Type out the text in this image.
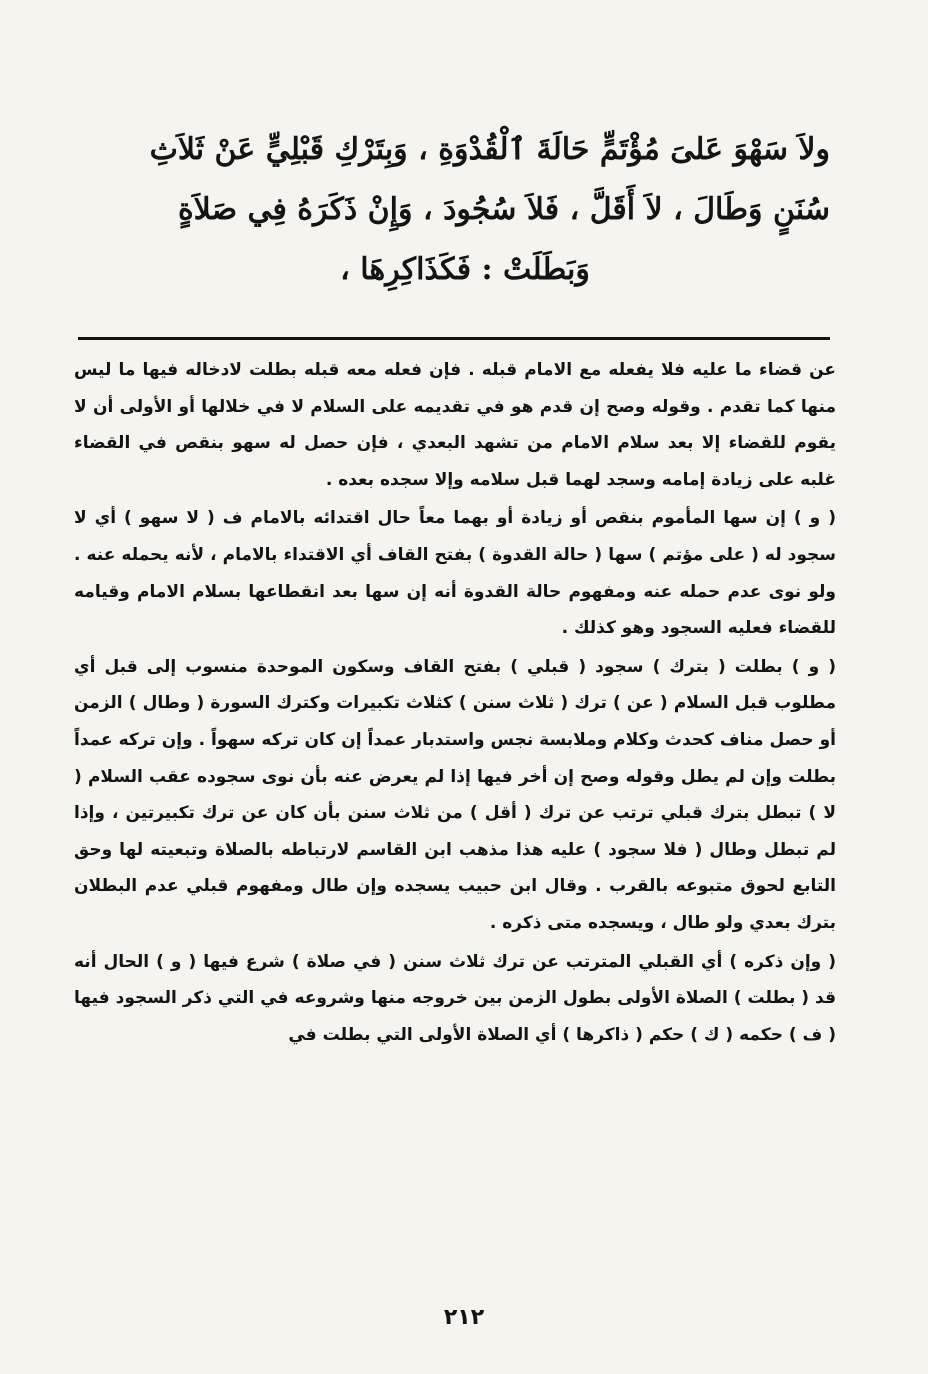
ولاَ سَهْوَ عَلىَ مُؤْتَمٍّ حَالَةَ ٱلْقُدْوَةِ ، وَبِتَرْكِ قَبْلِيٍّ عَنْ ثَلاَثِ
سُنَنٍ وَطَالَ ، لاَ أَقَلَّ ، فَلاَ سُجُودَ ، وَإِنْ ذَكَرَهُ فِي صَلاَةٍ
وَبَطَلَتْ : فَكَذَاكِرِهَا ،

عن قضاء ما عليه فلا يفعله مع الامام قبله . فإن فعله معه قبله بطلت لادخاله فيها ما ليس منها كما تقدم . وقوله وصح إن قدم هو في تقديمه على السلام لا في خلالها أو الأولى أن لا يقوم للقضاء إلا بعد سلام الامام من تشهد البعدي ، فإن حصل له سهو بنقص في القضاء غلبه على زيادة إمامه وسجد لهما قبل سلامه وإلا سجده بعده .

( و ) إن سها المأموم بنقص أو زيادة أو بهما معاً حال اقتدائه بالامام ف ( لا سهو ) أي لا سجود له ( على مؤتم ) سها ( حالة القدوة ) بفتح القاف أي الاقتداء بالامام ، لأنه يحمله عنه . ولو نوى عدم حمله عنه ومفهوم حالة القدوة أنه إن سها بعد انقطاعها بسلام الامام وقيامه للقضاء فعليه السجود وهو كذلك .

( و ) بطلت ( بترك ) سجود ( قبلي ) بفتح القاف وسكون الموحدة منسوب إلى قبل أي مطلوب قبل السلام ( عن ) ترك ( ثلاث سنن ) كثلاث تكبيرات وكترك السورة ( وطال ) الزمن أو حصل مناف كحدث وكلام وملابسة نجس واستدبار عمداً إن كان تركه سهواً . وإن تركه عمداً بطلت وإن لم يطل وقوله وصح إن أخر فيها إذا لم يعرض عنه بأن نوى سجوده عقب السلام ( لا ) تبطل بترك قبلي ترتب عن ترك ( أقل ) من ثلاث سنن بأن كان عن ترك تكبيرتين ، وإذا لم تبطل وطال ( فلا سجود ) عليه هذا مذهب ابن القاسم لارتباطه بالصلاة وتبعيته لها وحق التابع لحوق متبوعه بالقرب . وقال ابن حبيب يسجده وإن طال ومفهوم قبلي عدم البطلان بترك بعدي ولو طال ، ويسجده متى ذكره .

( وإن ذكره ) أي القبلي المترتب عن ترك ثلاث سنن ( في صلاة ) شرع فيها ( و ) الحال أنه قد ( بطلت ) الصلاة الأولى بطول الزمن بين خروجه منها وشروعه في التي ذكر السجود فيها ( ف ) حكمه ( ك ) حكم ( ذاكرها ) أي الصلاة الأولى التي بطلت في

٢١٢
